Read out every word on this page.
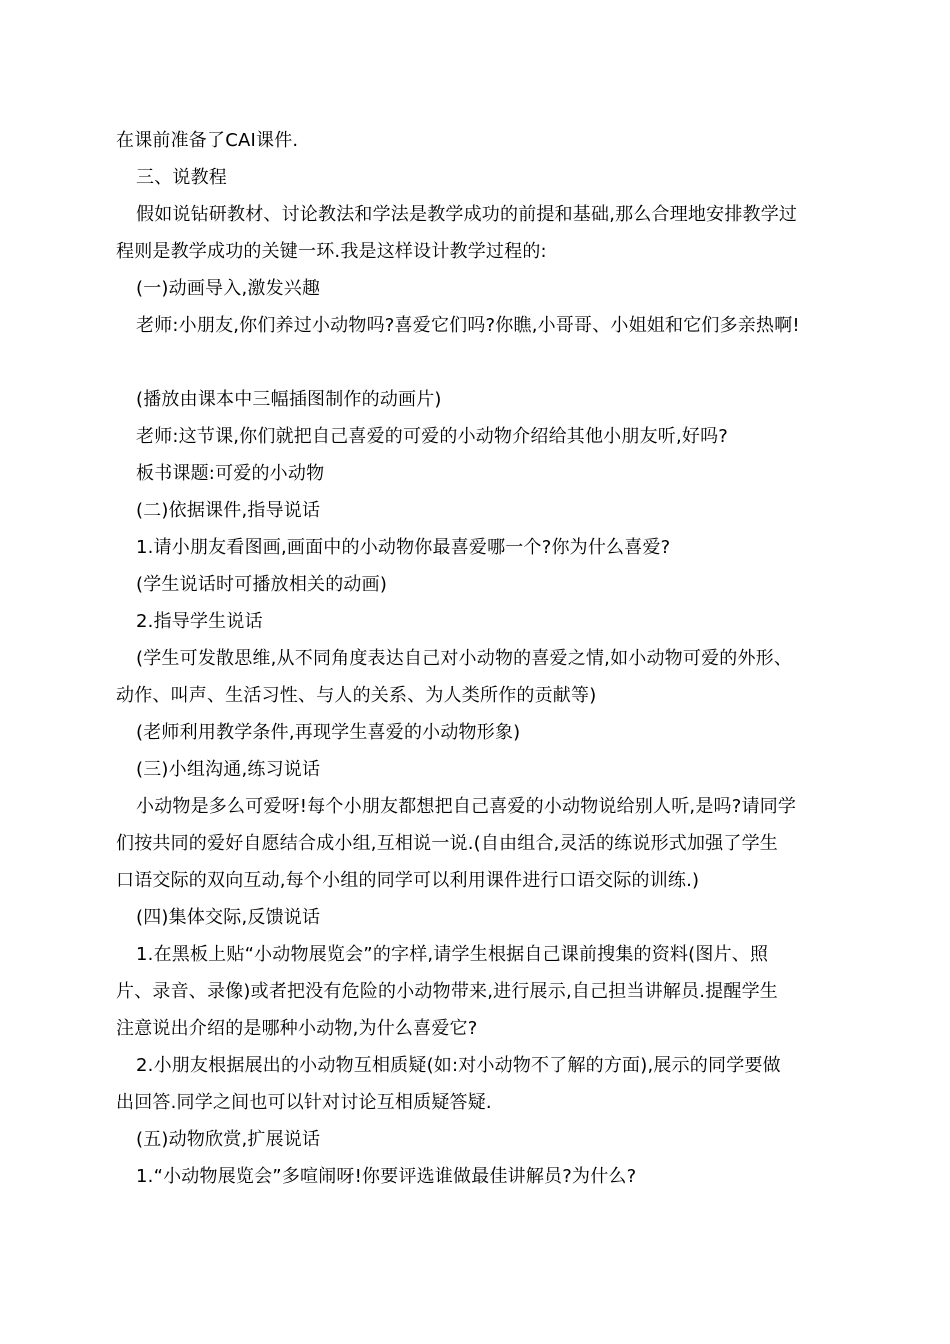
在课前准备了CAI课件.
三、说教程
假如说钻研教材、讨论教法和学法是教学成功的前提和基础,那么合理地安排教学过
程则是教学成功的关键一环.我是这样设计教学过程的:
(一)动画导入,激发兴趣
老师:小朋友,你们养过小动物吗?喜爱它们吗?你瞧,小哥哥、小姐姐和它们多亲热啊!
(播放由课本中三幅插图制作的动画片)
老师:这节课,你们就把自己喜爱的可爱的小动物介绍给其他小朋友听,好吗?
板书课题:可爱的小动物
(二)依据课件,指导说话
1.请小朋友看图画,画面中的小动物你最喜爱哪一个?你为什么喜爱?
(学生说话时可播放相关的动画)
2.指导学生说话
(学生可发散思维,从不同角度表达自己对小动物的喜爱之情,如小动物可爱的外形、
动作、叫声、生活习性、与人的关系、为人类所作的贡献等)
(老师利用教学条件,再现学生喜爱的小动物形象)
(三)小组沟通,练习说话
小动物是多么可爱呀!每个小朋友都想把自己喜爱的小动物说给别人听,是吗?请同学
们按共同的爱好自愿结合成小组,互相说一说.(自由组合,灵活的练说形式加强了学生
口语交际的双向互动,每个小组的同学可以利用课件进行口语交际的训练.)
(四)集体交际,反馈说话
1.在黑板上贴“小动物展览会”的字样,请学生根据自己课前搜集的资料(图片、照
片、录音、录像)或者把没有危险的小动物带来,进行展示,自己担当讲解员.提醒学生
注意说出介绍的是哪种小动物,为什么喜爱它?
2.小朋友根据展出的小动物互相质疑(如:对小动物不了解的方面),展示的同学要做
出回答.同学之间也可以针对讨论互相质疑答疑.
(五)动物欣赏,扩展说话
1.“小动物展览会”多喧闹呀!你要评选谁做最佳讲解员?为什么?
